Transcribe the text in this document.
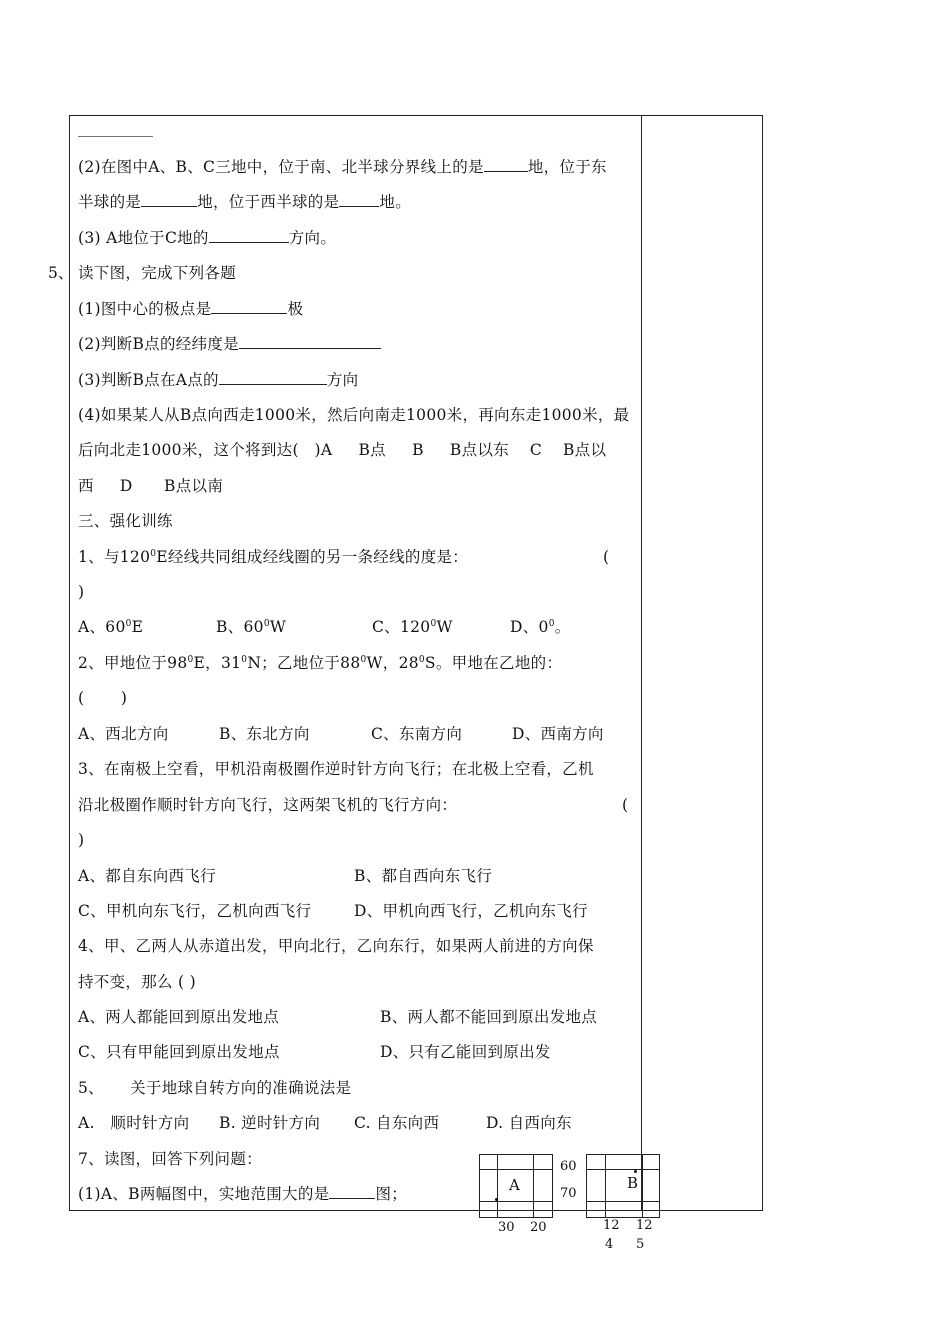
(2)在图中A、B、C三地中，位于南、北半球分界线上的是	地，位于东
半球的是	地，位于西半球的是	地。
(3) A地位于C地的	方向。
5、 读下图，完成下列各题
(1)图中心的极点是	极
(2)判断B点的经纬度是
(3)判断B点在A点的	方向
(4)如果某人从B点向西走1000米，然后向南走1000米，再向东走1000米，最
后向北走1000米，这个将到达(   )A     B点     B     B点以东    C    B点以
西     D      B点以南
三、强化训练
1、与$120^0E$经线共同组成经线圈的另一条经线的度是：	(
)
A、$60^0E$	B、$60^0W$	C、$120^0W$	D、$0^0$。
2、甲地位于$98^0E$，$31^0N$；乙地位于$88^0W$，$28^0S$。甲地在乙地的：
(       )
A、西北方向	B、东北方向	C、东南方向	D、西南方向
3、在南极上空看，甲机沿南极圈作逆时针方向飞行；在北极上空看，乙机
沿北极圈作顺时针方向飞行，这两架飞机的飞行方向：	(
)
A、都自东向西飞行	B、都自西向东飞行
C、甲机向东飞行，乙机向西飞行	D、甲机向西飞行，乙机向东飞行
4、甲、乙两人从赤道出发，甲向北行，乙向东行，如果两人前进的方向保
持不变，那么 ( )
A、两人都能回到原出发地点	B、两人都不能回到原出发地点
C、只有甲能回到原出发地点	D、只有乙能回到原出发
5、     关于地球自转方向的准确说法是
A.   顺时针方向 B. 逆时针方向 C. 自东向西	D. 自西向东
7、读图，回答下列问题：
(1)A、B两幅图中，实地范围大的是	图；	A
60
70
30 20
B
12 12
4 5
